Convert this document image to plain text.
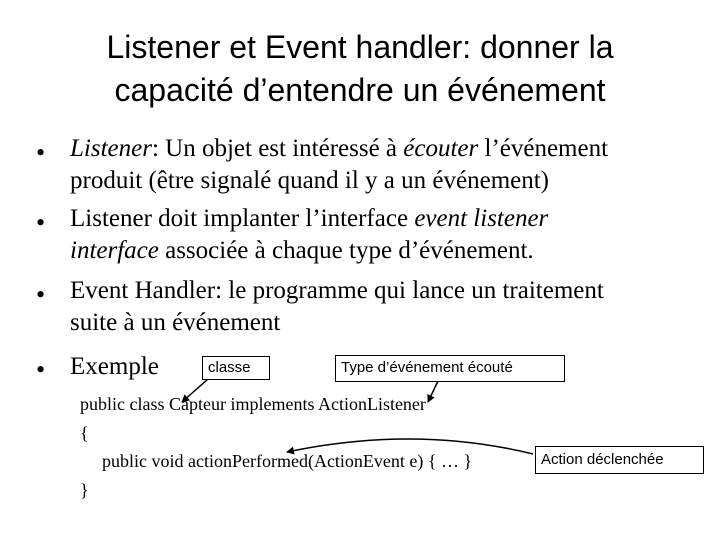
Listener et Event handler: donner la
capacité d’entendre un événement
• Listener: Un objet est intéressé à écouter l’événement
produit (être signalé quand il y a un événement)
• Listener doit implanter l’interface event listener
interface associée à chaque type d’événement.
• Event Handler: le programme qui lance un traitement
suite à un événement
• Exemple
public class Capteur implements ActionListener
{
public void actionPerformed(ActionEvent e) { … }
}
classe	Type d’événement écouté
Action déclenchée
